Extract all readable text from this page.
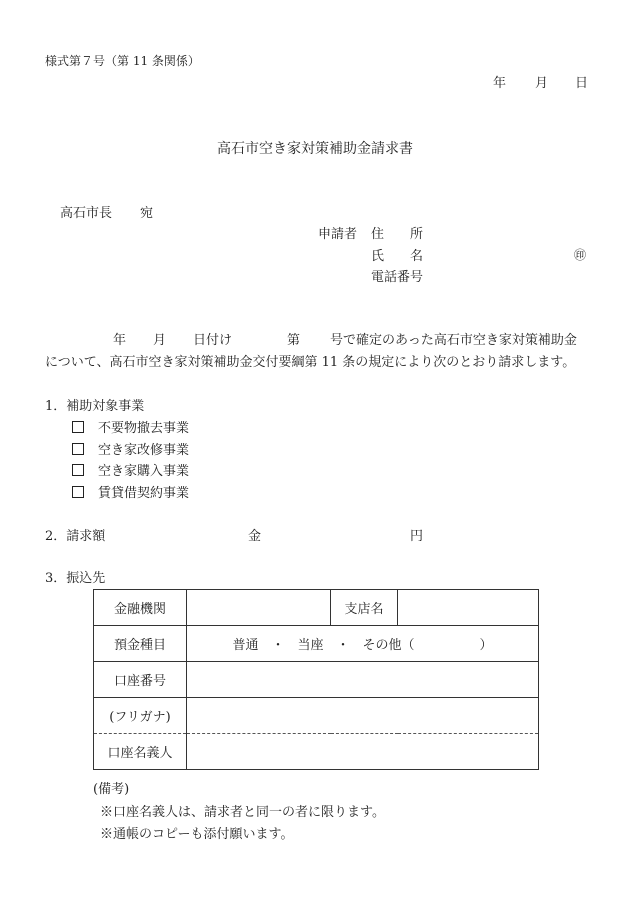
様式第７号（第 11 条関係）
年 月 日
高石市空き家対策補助金請求書
高石市長 宛
申請者 住　　所
氏　　名	㊞
電話番号
年 月 日付け	第 号で確定のあった高石市空き家対策補助金
について、高石市空き家対策補助金交付要綱第 11 条の規定により次のとおり請求します。
1．補助対象事業
不要物撤去事業
空き家改修事業
空き家購入事業
賃貸借契約事業
2．請求額	金	円
3．振込先
金融機関		支店名	
預金種目	普通　・　当座　・　その他（　　　　　）		
口座番号			
(フリガナ)			
口座名義人			
(備考)
※口座名義人は、請求者と同一の者に限ります。
※通帳のコピーも添付願います。
